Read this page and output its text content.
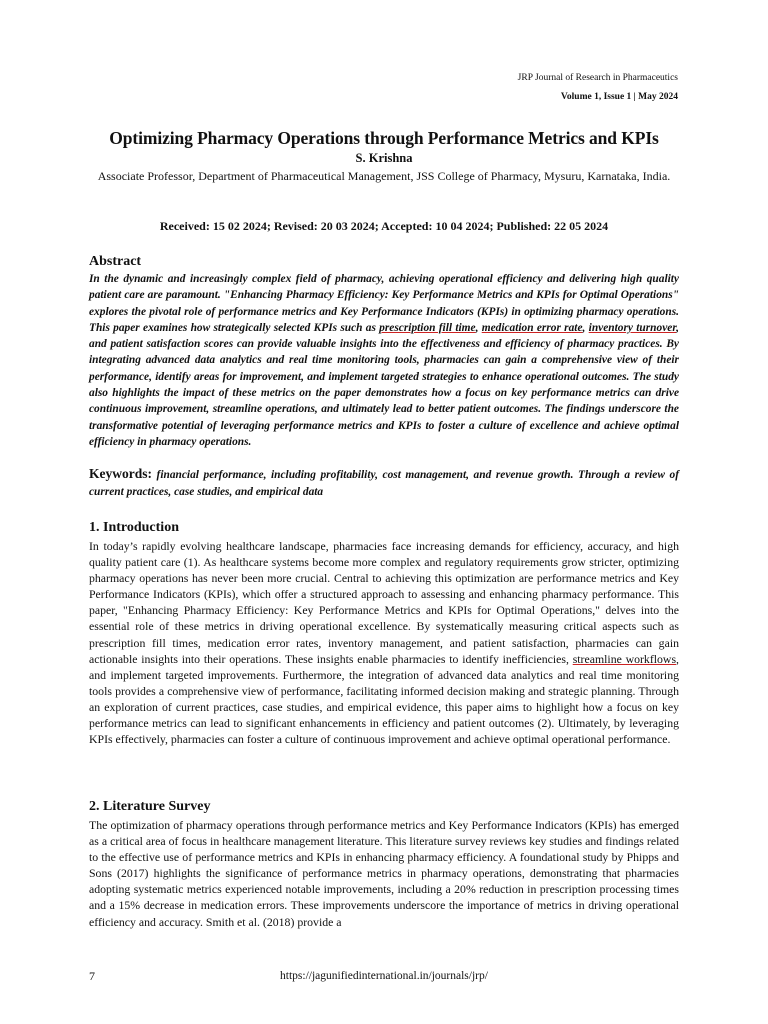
JRP Journal of Research in Pharmaceutics
Volume 1, Issue 1 | May 2024
Optimizing Pharmacy Operations through Performance Metrics and KPIs
S. Krishna
Associate Professor, Department of Pharmaceutical Management, JSS College of Pharmacy, Mysuru, Karnataka, India.
Received: 15 02 2024; Revised: 20 03 2024; Accepted: 10 04 2024; Published: 22 05 2024
Abstract

In the dynamic and increasingly complex field of pharmacy, achieving operational efficiency and delivering high quality patient care are paramount. "Enhancing Pharmacy Efficiency: Key Performance Metrics and KPIs for Optimal Operations" explores the pivotal role of performance metrics and Key Performance Indicators (KPIs) in optimizing pharmacy operations. This paper examines how strategically selected KPIs such as prescription fill time, medication error rate, inventory turnover, and patient satisfaction scores can provide valuable insights into the effectiveness and efficiency of pharmacy practices. By integrating advanced data analytics and real time monitoring tools, pharmacies can gain a comprehensive view of their performance, identify areas for improvement, and implement targeted strategies to enhance operational outcomes. The study also highlights the impact of these metrics on the paper demonstrates how a focus on key performance metrics can drive continuous improvement, streamline operations, and ultimately lead to better patient outcomes. The findings underscore the transformative potential of leveraging performance metrics and KPIs to foster a culture of excellence and achieve optimal efficiency in pharmacy operations.

Keywords: financial performance, including profitability, cost management, and revenue growth. Through a review of current practices, case studies, and empirical data

1. Introduction

In today’s rapidly evolving healthcare landscape, pharmacies face increasing demands for efficiency, accuracy, and high quality patient care (1). As healthcare systems become more complex and regulatory requirements grow stricter, optimizing pharmacy operations has never been more crucial. Central to achieving this optimization are performance metrics and Key Performance Indicators (KPIs), which offer a structured approach to assessing and enhancing pharmacy performance. This paper, "Enhancing Pharmacy Efficiency: Key Performance Metrics and KPIs for Optimal Operations," delves into the essential role of these metrics in driving operational excellence. By systematically measuring critical aspects such as prescription fill times, medication error rates, inventory management, and patient satisfaction, pharmacies can gain actionable insights into their operations. These insights enable pharmacies to identify inefficiencies, streamline workflows, and implement targeted improvements. Furthermore, the integration of advanced data analytics and real time monitoring tools provides a comprehensive view of performance, facilitating informed decision making and strategic planning. Through an exploration of current practices, case studies, and empirical evidence, this paper aims to highlight how a focus on key performance metrics can lead to significant enhancements in efficiency and patient outcomes (2). Ultimately, by leveraging KPIs effectively, pharmacies can foster a culture of continuous improvement and achieve optimal operational performance.

2. Literature Survey

The optimization of pharmacy operations through performance metrics and Key Performance Indicators (KPIs) has emerged as a critical area of focus in healthcare management literature. This literature survey reviews key studies and findings related to the effective use of performance metrics and KPIs in enhancing pharmacy efficiency. A foundational study by Phipps and Sons (2017) highlights the significance of performance metrics in pharmacy operations, demonstrating that pharmacies adopting systematic metrics experienced notable improvements, including a 20% reduction in prescription processing times and a 15% decrease in medication errors. These improvements underscore the importance of metrics in driving operational efficiency and accuracy. Smith et al. (2018) provide a

7	https://jagunifiedinternational.in/journals/jrp/
